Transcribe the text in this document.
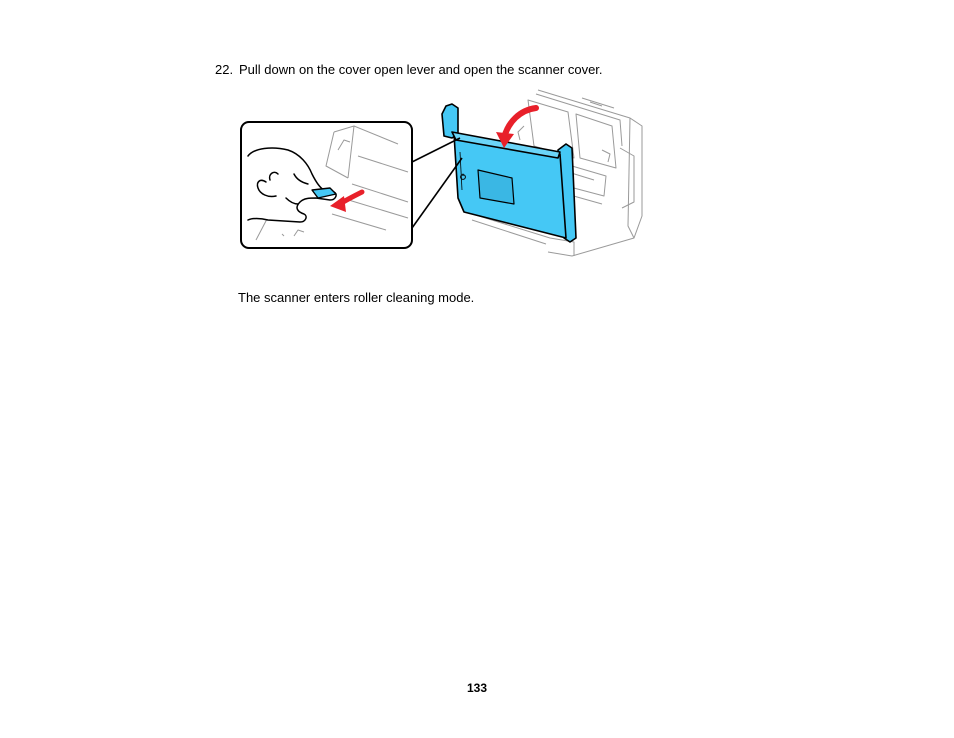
22. Pull down on the cover open lever and open the scanner cover.
The scanner enters roller cleaning mode.
133
